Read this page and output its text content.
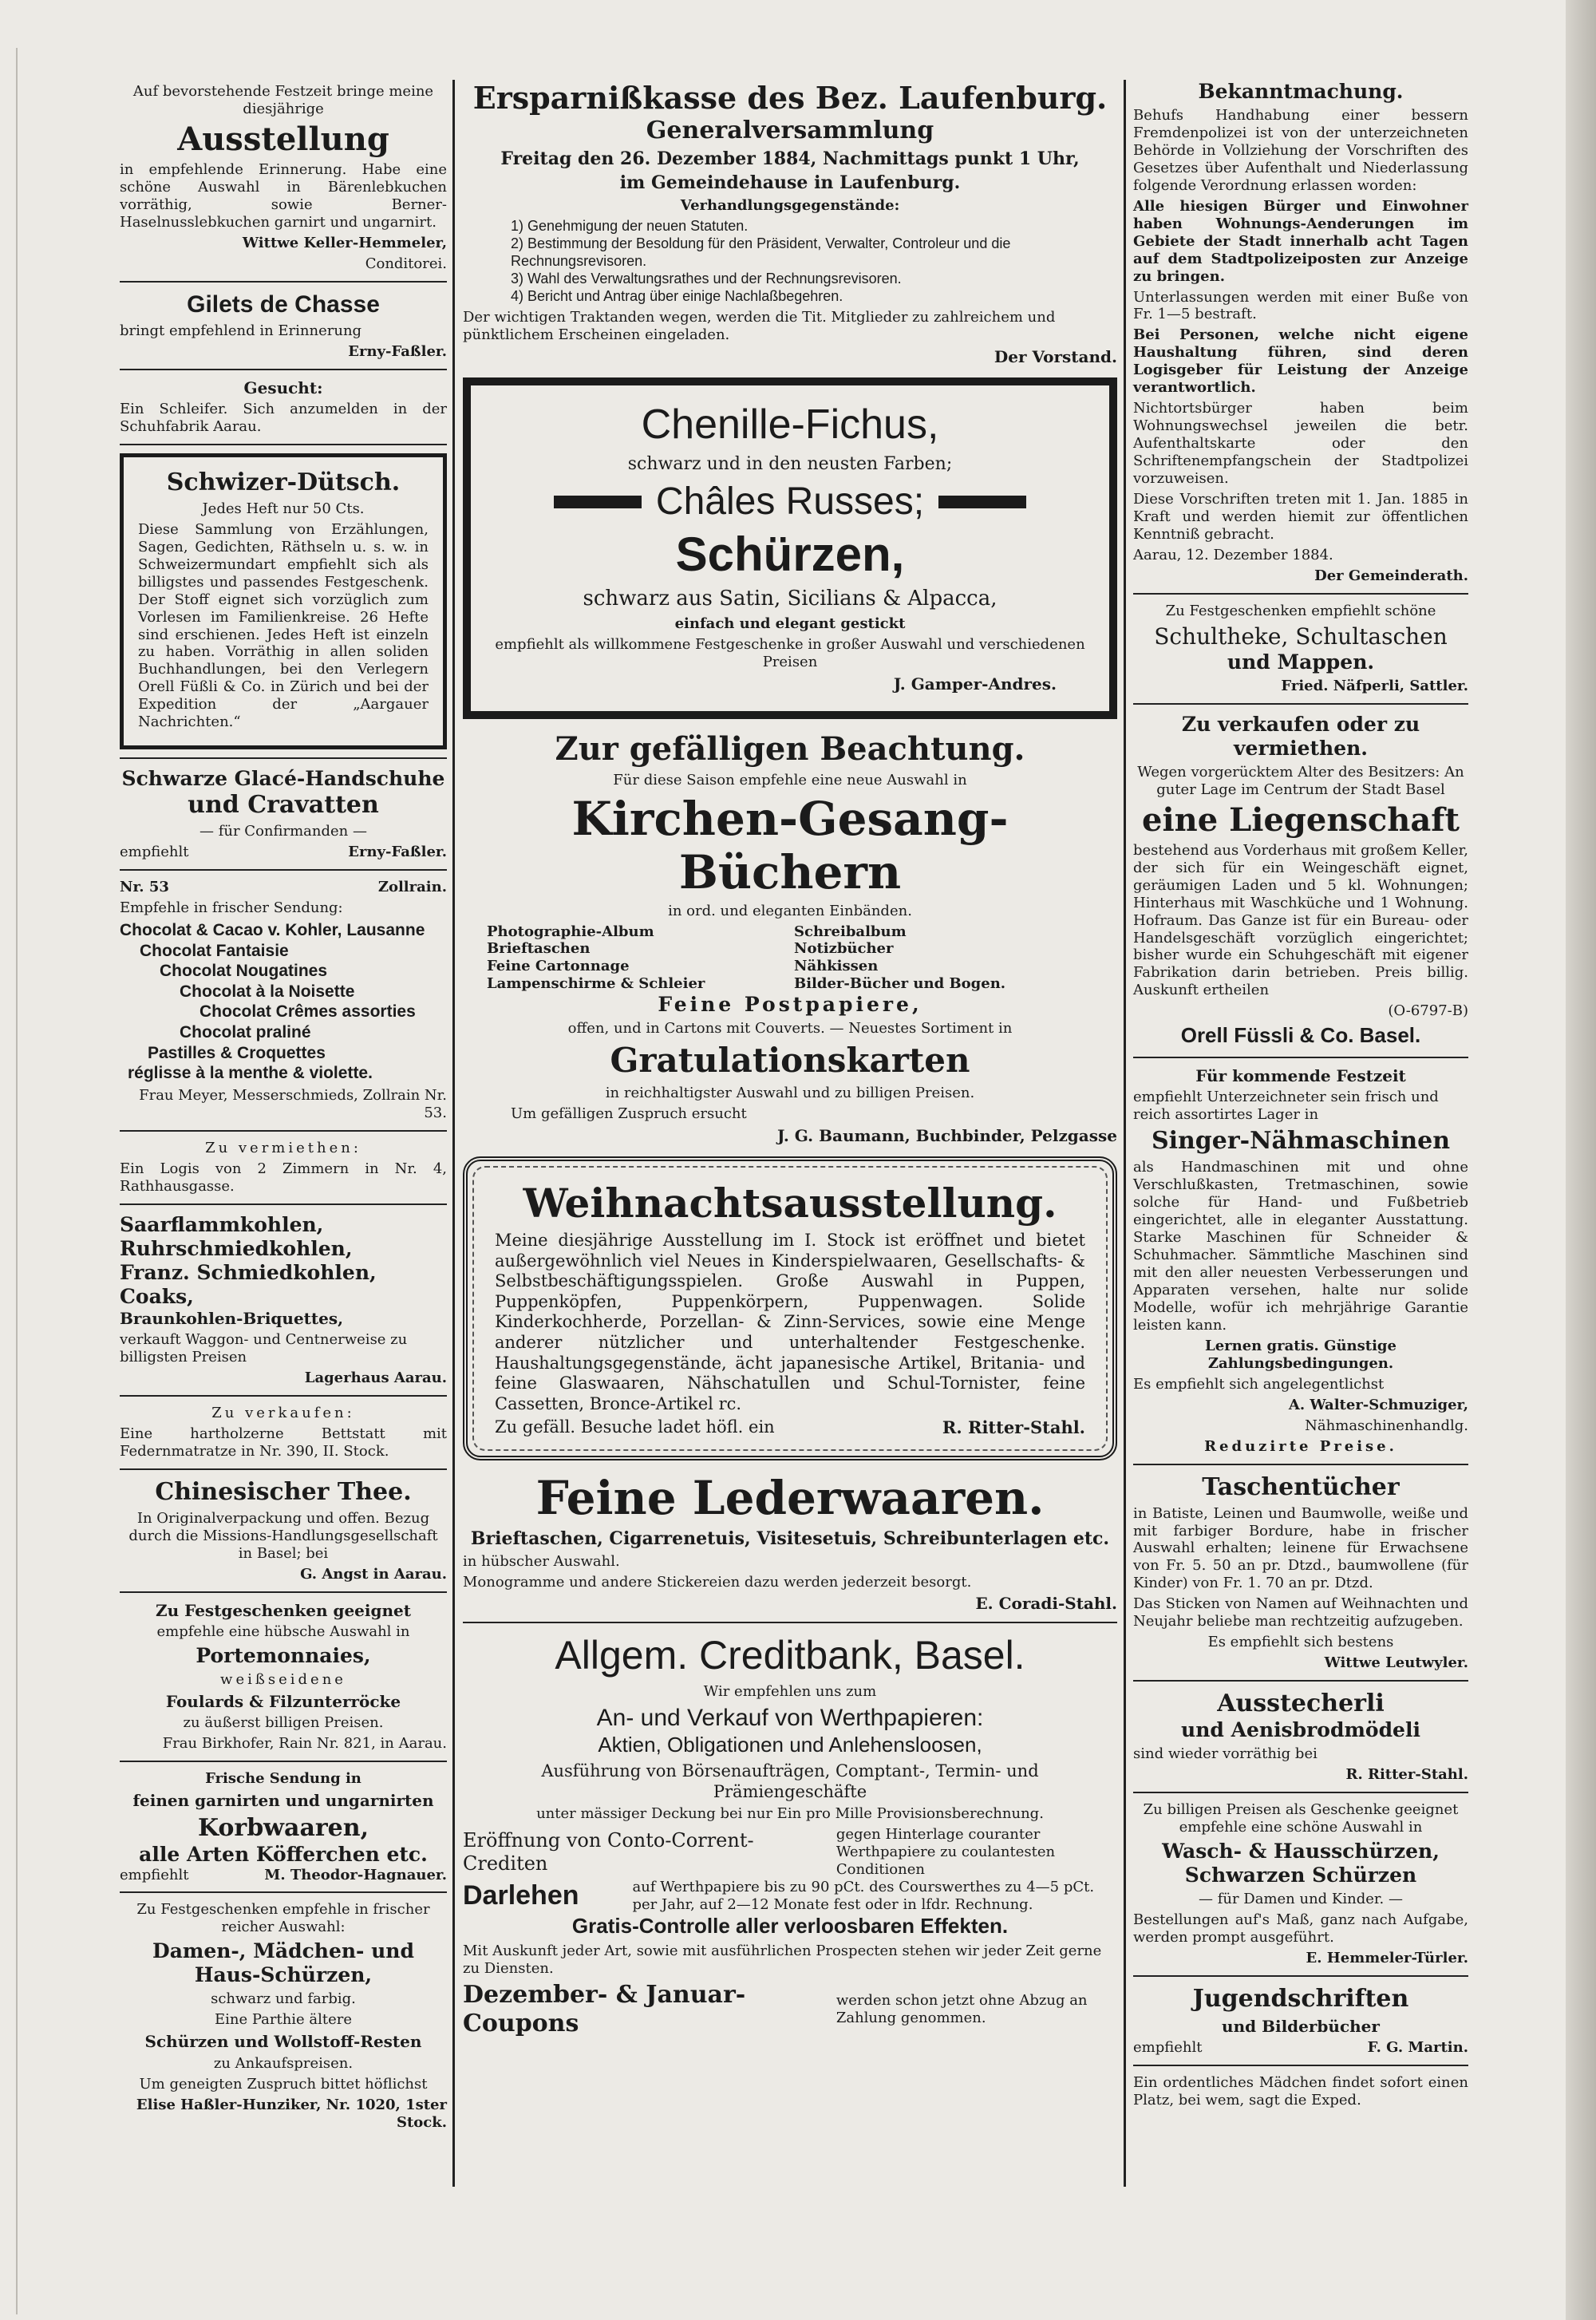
Auf bevorstehende Festzeit bringe meine diesjährige

Ausstellung

in empfehlende Erinnerung. Habe eine schöne Auswahl in Bärenlebkuchen vorräthig, sowie Berner-Haselnusslebkuchen garnirt und ungarnirt.

Wittwe Keller-Hemmeler,

Conditorei.

Gilets de Chasse

bringt empfehlend in Erinnerung

Erny-Faßler.

Gesucht:

Ein Schleifer. Sich anzumelden in der Schuhfabrik Aarau.

Schwizer-Dütsch.

Jedes Heft nur 50 Cts.

Diese Sammlung von Erzählungen, Sagen, Gedichten, Räthseln u. s. w. in Schweizermundart empfiehlt sich als billigstes und passendes Festgeschenk. Der Stoff eignet sich vorzüglich zum Vorlesen im Familienkreise. 26 Hefte sind erschienen. Jedes Heft ist einzeln zu haben. Vorräthig in allen soliden Buchhandlungen, bei den Verlegern Orell Füßli & Co. in Zürich und bei der Expedition der „Aargauer Nachrichten.“

Schwarze Glacé-Handschuhe
und Cravatten

— für Confirmanden —

empfiehlt	Erny-Faßler.
Nr. 53	Zollrain.

Empfehle in frischer Sendung:

Chocolat & Cacao v. Kohler, Lausanne
Chocolat Fantaisie
Chocolat Nougatines
Chocolat à la Noisette
Chocolat Crêmes assorties
Chocolat praliné
Pastilles & Croquettes
réglisse à la menthe & violette.

Frau Meyer, Messerschmieds, Zollrain Nr. 53.

Zu vermiethen:

Ein Logis von 2 Zimmern in Nr. 4, Rathhausgasse.

Saarflammkohlen,
Ruhrschmiedkohlen,
Franz. Schmiedkohlen,
Coaks,
Braunkohlen-Briquettes,

verkauft Waggon- und Centnerweise zu billigsten Preisen

Lagerhaus Aarau.

Zu verkaufen:

Eine hartholzerne Bettstatt mit Federnmatratze in Nr. 390, II. Stock.

Chinesischer Thee.

In Originalverpackung und offen. Bezug durch die Missions-Handlungsgesellschaft in Basel; bei

G. Angst in Aarau.

Zu Festgeschenken geeignet

empfehle eine hübsche Auswahl in

Portemonnaies,

weißseidene

Foulards & Filzunterröcke

zu äußerst billigen Preisen.

Frau Birkhofer, Rain Nr. 821, in Aarau.

Frische Sendung in

feinen garnirten und ungarnirten

Korbwaaren,
alle Arten Köfferchen etc.
empfiehlt	M. Theodor-Hagnauer.

Zu Festgeschenken empfehle in frischer reicher Auswahl:

Damen-, Mädchen- und Haus-Schürzen,

schwarz und farbig.

Eine Parthie ältere

Schürzen und Wollstoff-Resten

zu Ankaufspreisen.

Um geneigten Zuspruch bittet höflichst

Elise Haßler-Hunziker, Nr. 1020, 1ster Stock.

Ersparnißkasse des Bez. Laufenburg.
Generalversammlung

Freitag den 26. Dezember 1884, Nachmittags punkt 1 Uhr,

im Gemeindehause in Laufenburg.

Verhandlungsgegenstände:

1) Genehmigung der neuen Statuten.
2) Bestimmung der Besoldung für den Präsident, Verwalter, Controleur und die Rechnungsrevisoren.
3) Wahl des Verwaltungsrathes und der Rechnungsrevisoren.
4) Bericht und Antrag über einige Nachlaßbegehren.

Der wichtigen Traktanden wegen, werden die Tit. Mitglieder zu zahlreichem und pünktlichem Erscheinen eingeladen.

Der Vorstand.

Chenille-Fichus,

schwarz und in den neusten Farben;

Châles Russes;
Schürzen,

schwarz aus Satin, Sicilians & Alpacca,

einfach und elegant gestickt

empfiehlt als willkommene Festgeschenke in großer Auswahl und verschiedenen Preisen

J. Gamper-Andres.

Zur gefälligen Beachtung.

Für diese Saison empfehle eine neue Auswahl in

Kirchen-Gesang-Büchern

in ord. und eleganten Einbänden.

Photographie-Album
Brieftaschen
Feine Cartonnage
Lampenschirme & Schleier
Schreibalbum
Notizbücher
Nähkissen
Bilder-Bücher und Bogen.
Feine Postpapiere,

offen, und in Cartons mit Couverts. — Neuestes Sortiment in

Gratulationskarten

in reichhaltigster Auswahl und zu billigen Preisen.

Um gefälligen Zuspruch ersucht

J. G. Baumann, Buchbinder, Pelzgasse

Weihnachtsausstellung.

Meine diesjährige Ausstellung im I. Stock ist eröffnet und bietet außergewöhnlich viel Neues in Kinderspielwaaren, Gesellschafts- & Selbstbeschäftigungsspielen. Große Auswahl in Puppen, Puppenköpfen, Puppenkörpern, Puppenwagen. Solide Kinderkochherde, Porzellan- & Zinn-Services, sowie eine Menge anderer nützlicher und unterhaltender Festgeschenke. Haushaltungsgegenstände, ächt japanesische Artikel, Britania- und feine Glaswaaren, Nähschatullen und Schul-Tornister, feine Cassetten, Bronce-Artikel rc.

Zu gefäll. Besuche ladet höfl. ein	R. Ritter-Stahl.
Feine Lederwaaren.

Brieftaschen, Cigarrenetuis, Visitesetuis, Schreibunterlagen etc.

in hübscher Auswahl.

Monogramme und andere Stickereien dazu werden jederzeit besorgt.

E. Coradi-Stahl.

Allgem. Creditbank, Basel.

Wir empfehlen uns zum

An- und Verkauf von Werthpapieren:
Aktien, Obligationen und Anlehensloosen,

Ausführung von Börsenaufträgen, Comptant-, Termin- und Prämiengeschäfte

unter mässiger Deckung bei nur Ein pro Mille Provisionsberechnung.

Eröffnung von Conto-Corrent-Crediten
gegen Hinterlage couranter Werthpapiere zu coulantesten Conditionen
Darlehen	auf Werthpapiere bis zu 90 pCt. des Courswerthes zu 4—5 pCt. per Jahr, auf 2—12 Monate fest oder in lfdr. Rechnung.
Gratis-Controlle aller verloosbaren Effekten.

Mit Auskunft jeder Art, sowie mit ausführlichen Prospecten stehen wir jeder Zeit gerne zu Diensten.

Dezember- & Januar-Coupons
werden schon jetzt ohne Abzug an Zahlung genommen.
Bekanntmachung.

Behufs Handhabung einer bessern Fremdenpolizei ist von der unterzeichneten Behörde in Vollziehung der Vorschriften des Gesetzes über Aufenthalt und Niederlassung folgende Verordnung erlassen worden:

Alle hiesigen Bürger und Einwohner haben Wohnungs-Aenderungen im Gebiete der Stadt innerhalb acht Tagen auf dem Stadtpolizeiposten zur Anzeige zu bringen.

Unterlassungen werden mit einer Buße von Fr. 1—5 bestraft.

Bei Personen, welche nicht eigene Haushaltung führen, sind deren Logisgeber für Leistung der Anzeige verantwortlich.

Nichtortsbürger haben beim Wohnungswechsel jeweilen die betr. Aufenthaltskarte oder den Schriftenempfangschein der Stadtpolizei vorzuweisen.

Diese Vorschriften treten mit 1. Jan. 1885 in Kraft und werden hiemit zur öffentlichen Kenntniß gebracht.

Aarau, 12. Dezember 1884.

Der Gemeinderath.

Zu Festgeschenken empfiehlt schöne

Schultheke, Schultaschen
und Mappen.

Fried. Näfperli, Sattler.

Zu verkaufen oder zu vermiethen.

Wegen vorgerücktem Alter des Besitzers: An guter Lage im Centrum der Stadt Basel

eine Liegenschaft

bestehend aus Vorderhaus mit großem Keller, der sich für ein Weingeschäft eignet, geräumigen Laden und 5 kl. Wohnungen; Hinterhaus mit Waschküche und 1 Wohnung. Hofraum. Das Ganze ist für ein Bureau- oder Handelsgeschäft vorzüglich eingerichtet; bisher wurde ein Schuhgeschäft mit eigener Fabrikation darin betrieben. Preis billig. Auskunft ertheilen

(O-6797-B)

Orell Füssli & Co. Basel.

Für kommende Festzeit

empfiehlt Unterzeichneter sein frisch und reich assortirtes Lager in

Singer-Nähmaschinen

als Handmaschinen mit und ohne Verschlußkasten, Tretmaschinen, sowie solche für Hand- und Fußbetrieb eingerichtet, alle in eleganter Ausstattung. Starke Maschinen für Schneider & Schuhmacher. Sämmtliche Maschinen sind mit den aller neuesten Verbesserungen und Apparaten versehen, halte nur solide Modelle, wofür ich mehrjährige Garantie leisten kann.

Lernen gratis. Günstige Zahlungsbedingungen.

Es empfiehlt sich angelegentlichst

A. Walter-Schmuziger,

Nähmaschinenhandlg.

Reduzirte Preise.

Taschentücher

in Batiste, Leinen und Baumwolle, weiße und mit farbiger Bordure, habe in frischer Auswahl erhalten; leinene für Erwachsene von Fr. 5. 50 an pr. Dtzd., baumwollene (für Kinder) von Fr. 1. 70 an pr. Dtzd.

Das Sticken von Namen auf Weihnachten und Neujahr beliebe man rechtzeitig aufzugeben.

Es empfiehlt sich bestens

Wittwe Leutwyler.

Ausstecherli
und Aenisbrodmödeli

sind wieder vorräthig bei

R. Ritter-Stahl.

Zu billigen Preisen als Geschenke geeignet empfehle eine schöne Auswahl in

Wasch- & Hausschürzen,
Schwarzen Schürzen

— für Damen und Kinder. —

Bestellungen auf's Maß, ganz nach Aufgabe, werden prompt ausgeführt.

E. Hemmeler-Türler.

Jugendschriften

und Bilderbücher

empfiehlt	F. G. Martin.

Ein ordentliches Mädchen findet sofort einen Platz, bei wem, sagt die Exped.
